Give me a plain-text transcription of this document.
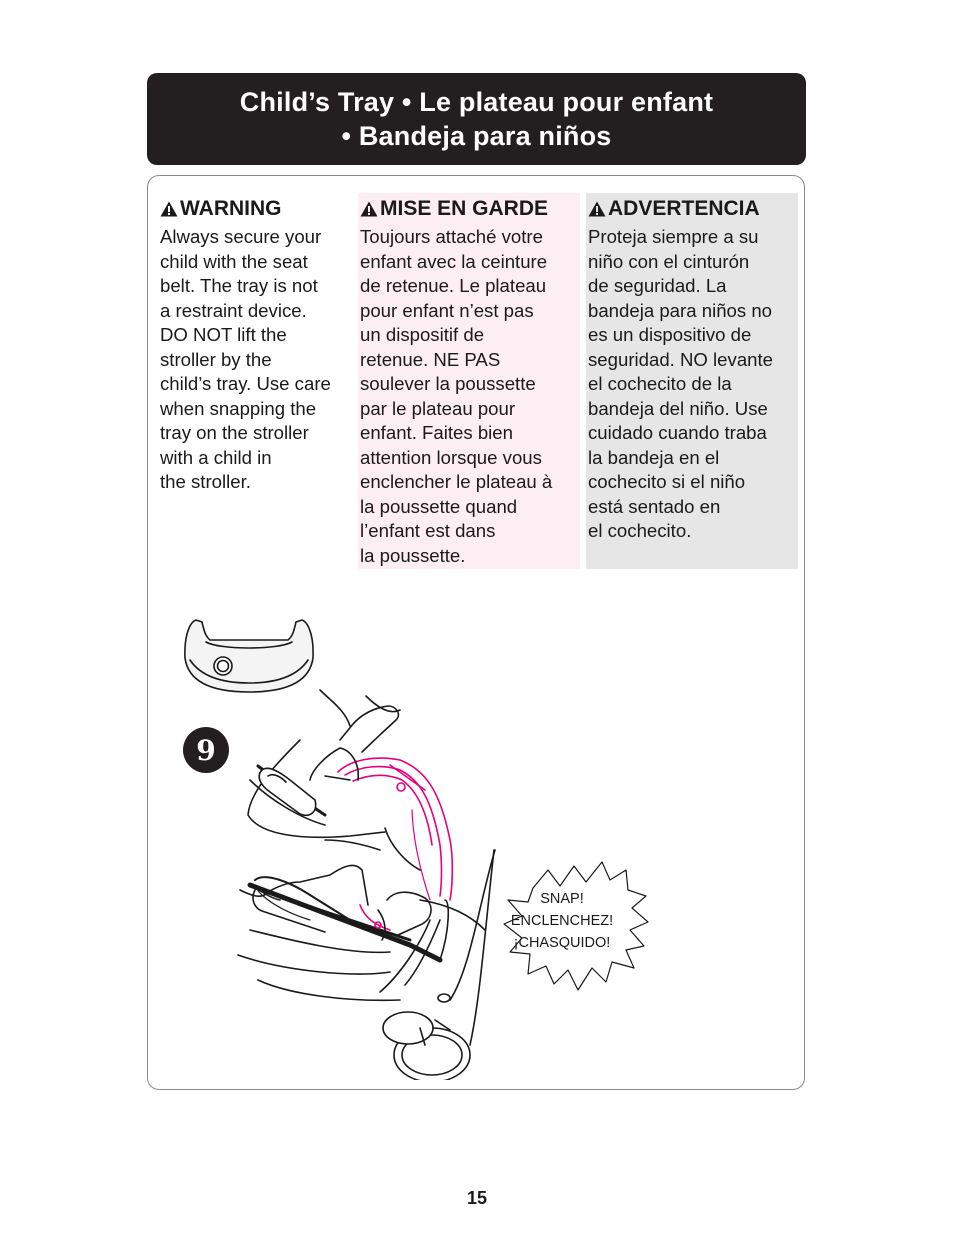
Child’s Tray • Le plateau pour enfant
• Bandeja para niños
WARNING
Always secure your
child with the seat
belt. The tray is not
a restraint device.
DO NOT lift the
stroller by the
child’s tray. Use care
when snapping the
tray on the stroller
with a child in
the stroller.
MISE EN GARDE
Toujours attaché votre
enfant avec la ceinture
de retenue. Le plateau
pour enfant n’est pas
un dispositif de
retenue. NE PAS
soulever la poussette
par le plateau pour
enfant. Faites bien
attention lorsque vous
enclencher le plateau à
la poussette quand
l’enfant est dans
la poussette.
ADVERTENCIA
Proteja siempre a su
niño con el cinturón
de seguridad. La
bandeja para niños no
es un dispositivo de
seguridad. NO levante
el cochecito de la
bandeja del niño. Use
cuidado cuando traba
la bandeja en el
cochecito si el niño
está sentado en
el cochecito.
9
SNAP!
ENCLENCHEZ!
¡CHASQUIDO!
15
